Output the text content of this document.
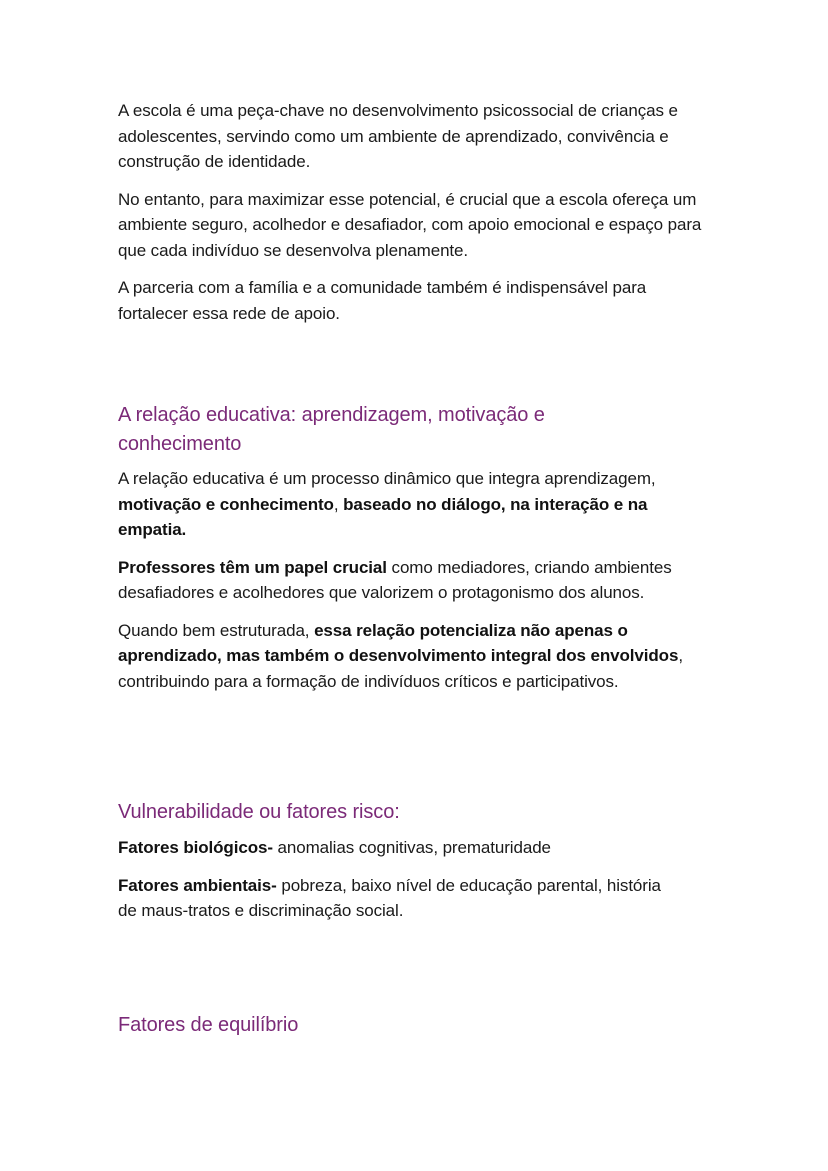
A escola é uma peça-chave no desenvolvimento psicossocial de crianças e adolescentes, servindo como um ambiente de aprendizado, convivência e construção de identidade.

No entanto, para maximizar esse potencial, é crucial que a escola ofereça um ambiente seguro, acolhedor e desafiador, com apoio emocional e espaço para que cada indivíduo se desenvolva plenamente.

A parceria com a família e a comunidade também é indispensável para fortalecer essa rede de apoio.

A relação educativa: aprendizagem, motivação e conhecimento

A relação educativa é um processo dinâmico que integra aprendizagem, motivação e conhecimento, baseado no diálogo, na interação e na empatia.

Professores têm um papel crucial como mediadores, criando ambientes desafiadores e acolhedores que valorizem o protagonismo dos alunos.

Quando bem estruturada, essa relação potencializa não apenas o aprendizado, mas também o desenvolvimento integral dos envolvidos, contribuindo para a formação de indivíduos críticos e participativos.

Vulnerabilidade ou fatores risco:

Fatores biológicos- anomalias cognitivas, prematuridade

Fatores ambientais- pobreza, baixo nível de educação parental, história de maus-tratos e discriminação social.

Fatores de equilíbrio
